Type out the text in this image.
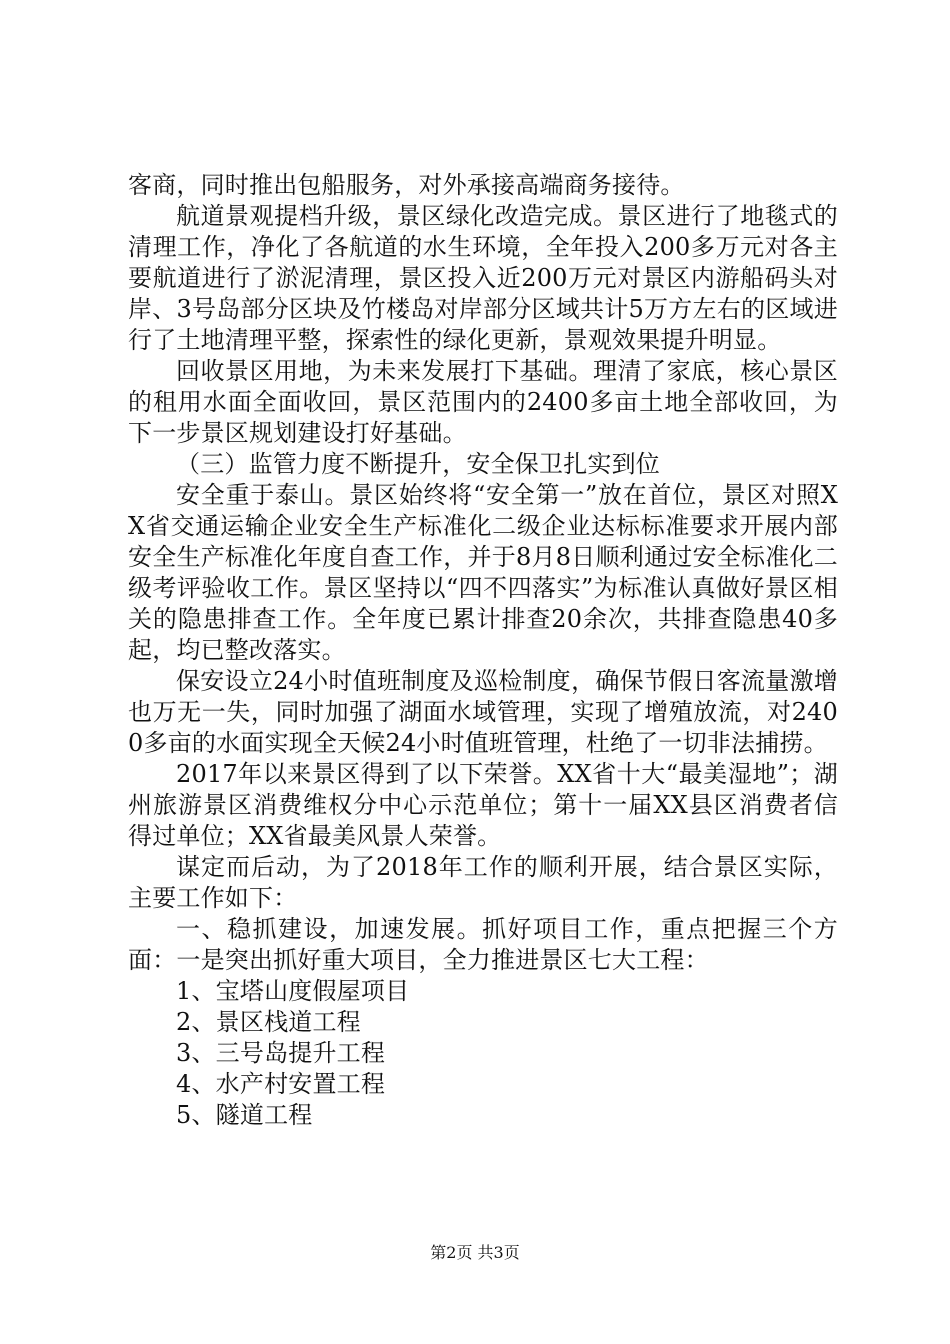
客商，同时推出包船服务，对外承接高端商务接待。

航道景观提档升级，景区绿化改造完成。景区进行了地毯式的清理工作，净化了各航道的水生环境，全年投入200多万元对各主要航道进行了淤泥清理，景区投入近200万元对景区内游船码头对岸、3号岛部分区块及竹楼岛对岸部分区域共计5万方左右的区域进行了土地清理平整，探索性的绿化更新，景观效果提升明显。

回收景区用地，为未来发展打下基础。理清了家底，核心景区的租用水面全面收回，景区范围内的2400多亩土地全部收回，为下一步景区规划建设打好基础。

（三）监管力度不断提升，安全保卫扎实到位

安全重于泰山。景区始终将“安全第一”放在首位，景区对照XX省交通运输企业安全生产标准化二级企业达标标准要求开展内部安全生产标准化年度自查工作，并于8月8日顺利通过安全标准化二级考评验收工作。景区坚持以“四不四落实”为标准认真做好景区相关的隐患排查工作。全年度已累计排查20余次，共排查隐患40多起，均已整改落实。

保安设立24小时值班制度及巡检制度，确保节假日客流量激增也万无一失，同时加强了湖面水域管理，实现了增殖放流，对2400多亩的水面实现全天候24小时值班管理，杜绝了一切非法捕捞。

2017年以来景区得到了以下荣誉。XX省十大“最美湿地”；湖州旅游景区消费维权分中心示范单位；第十一届XX县区消费者信得过单位；XX省最美风景人荣誉。

谋定而后动，为了2018年工作的顺利开展，结合景区实际，主要工作如下：

一、稳抓建设，加速发展。抓好项目工作，重点把握三个方面：一是突出抓好重大项目，全力推进景区七大工程：

1、宝塔山度假屋项目

2、景区栈道工程

3、三号岛提升工程

4、水产村安置工程

5、隧道工程

第2页 共3页
